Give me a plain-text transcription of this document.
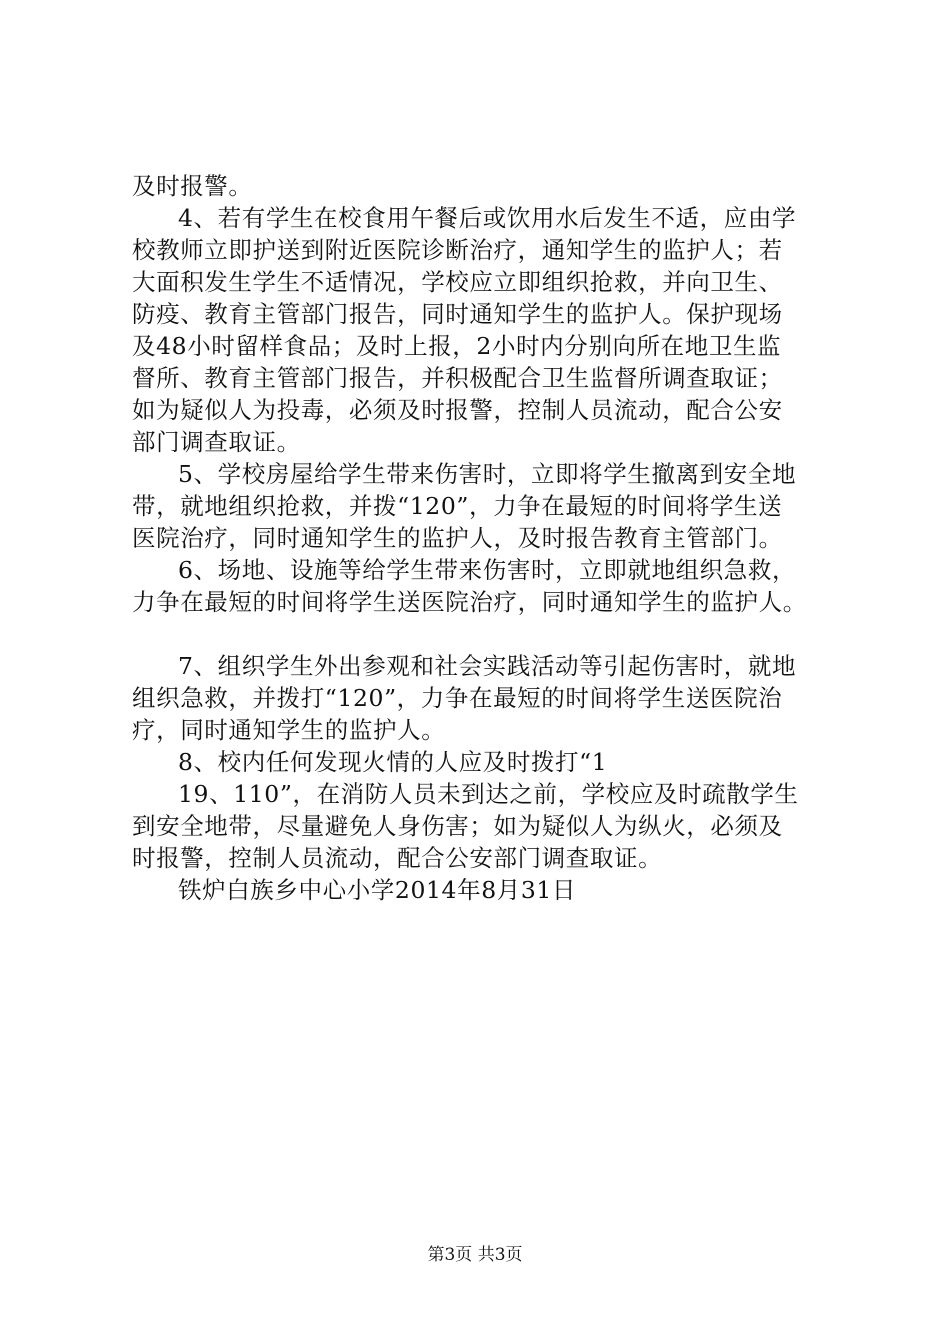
及时报警。
4、若有学生在校食用午餐后或饮用水后发生不适，应由学
校教师立即护送到附近医院诊断治疗，通知学生的监护人；若
大面积发生学生不适情况，学校应立即组织抢救，并向卫生、
防疫、教育主管部门报告，同时通知学生的监护人。保护现场
及48小时留样食品；及时上报，2小时内分别向所在地卫生监
督所、教育主管部门报告，并积极配合卫生监督所调查取证；
如为疑似人为投毒，必须及时报警，控制人员流动，配合公安
部门调查取证。
5、学校房屋给学生带来伤害时，立即将学生撤离到安全地
带，就地组织抢救，并拨“120”，力争在最短的时间将学生送
医院治疗，同时通知学生的监护人，及时报告教育主管部门。
6、场地、设施等给学生带来伤害时，立即就地组织急救，
力争在最短的时间将学生送医院治疗，同时通知学生的监护人。
7、组织学生外出参观和社会实践活动等引起伤害时，就地
组织急救，并拨打“120”，力争在最短的时间将学生送医院治
疗，同时通知学生的监护人。
8、校内任何发现火情的人应及时拨打“1
19、110”，在消防人员未到达之前，学校应及时疏散学生
到安全地带，尽量避免人身伤害；如为疑似人为纵火，必须及
时报警，控制人员流动，配合公安部门调查取证。
铁炉白族乡中心小学2014年8月31日
第3页 共3页
